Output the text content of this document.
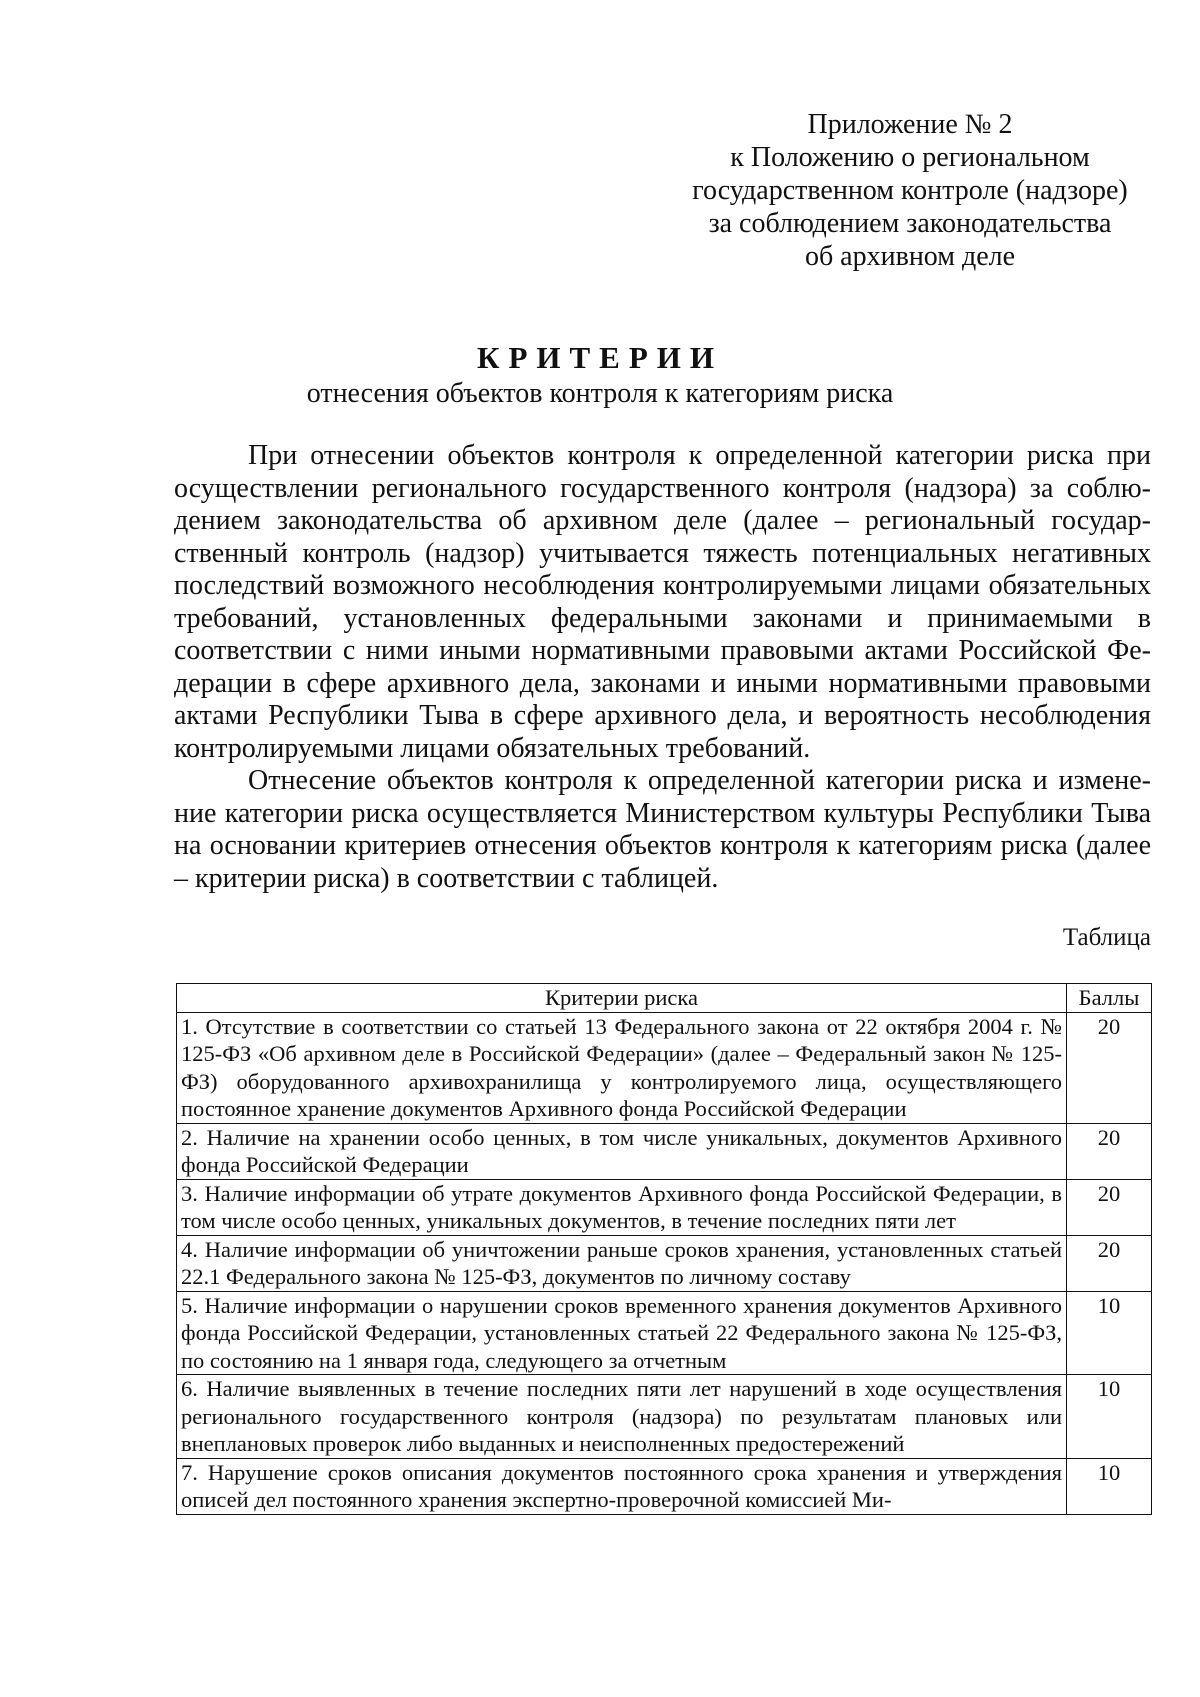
Приложение № 2
к Положению о региональном
государственном контроле (надзоре)
за соблюдением законодательства
об архивном деле
КРИТЕРИИ
отнесения объектов контроля к категориям риска

При отнесении объектов контроля к определенной категории риска при осуществлении регионального государственного контроля (надзора) за соблюдением законодательства об архивном деле (далее – региональный государственный контроль (надзор) учитывается тяжесть потенциальных негативных последствий возможного несоблюдения контролируемыми лицами обязательных требований, установленных федеральными законами и принимаемыми в соответствии с ними иными нормативными правовыми актами Российской Федерации в сфере архивного дела, законами и иными нормативными правовыми актами Республики Тыва в сфере архивного дела, и вероятность несоблюдения контролируемыми лицами обязательных требований.

Отнесение объектов контроля к определенной категории риска и изменение категории риска осуществляется Министерством культуры Республики Тыва на основании критериев отнесения объектов контроля к категориям риска (далее – критерии риска) в соответствии с таблицей.

Таблица
Критерии риска	Баллы
1. Отсутствие в соответствии со статьей 13 Федерального закона от 22 октября 2004 г. № 125-ФЗ «Об архивном деле в Российской Федерации» (далее – Федеральный закон № 125-ФЗ) оборудованного архивохранилища у контролируемого лица, осуществляющего постоянное хранение документов Архивного фонда Российской Федерации	20
2. Наличие на хранении особо ценных, в том числе уникальных, документов Архивного фонда Российской Федерации	20
3. Наличие информации об утрате документов Архивного фонда Российской Федерации, в том числе особо ценных, уникальных документов, в течение последних пяти лет	20
4. Наличие информации об уничтожении раньше сроков хранения, установленных статьей 22.1 Федерального закона № 125-ФЗ, документов по личному составу	20
5. Наличие информации о нарушении сроков временного хранения документов Архивного фонда Российской Федерации, установленных статьей 22 Федерального закона № 125-ФЗ, по состоянию на 1 января года, следующего за отчетным	10
6. Наличие выявленных в течение последних пяти лет нарушений в ходе осуществления регионального государственного контроля (надзора) по результатам плановых или внеплановых проверок либо выданных и неисполненных предостережений	10
7. Нарушение сроков описания документов постоянного срока хранения и утверждения описей дел постоянного хранения экспертно-проверочной комиссией Ми-	10
